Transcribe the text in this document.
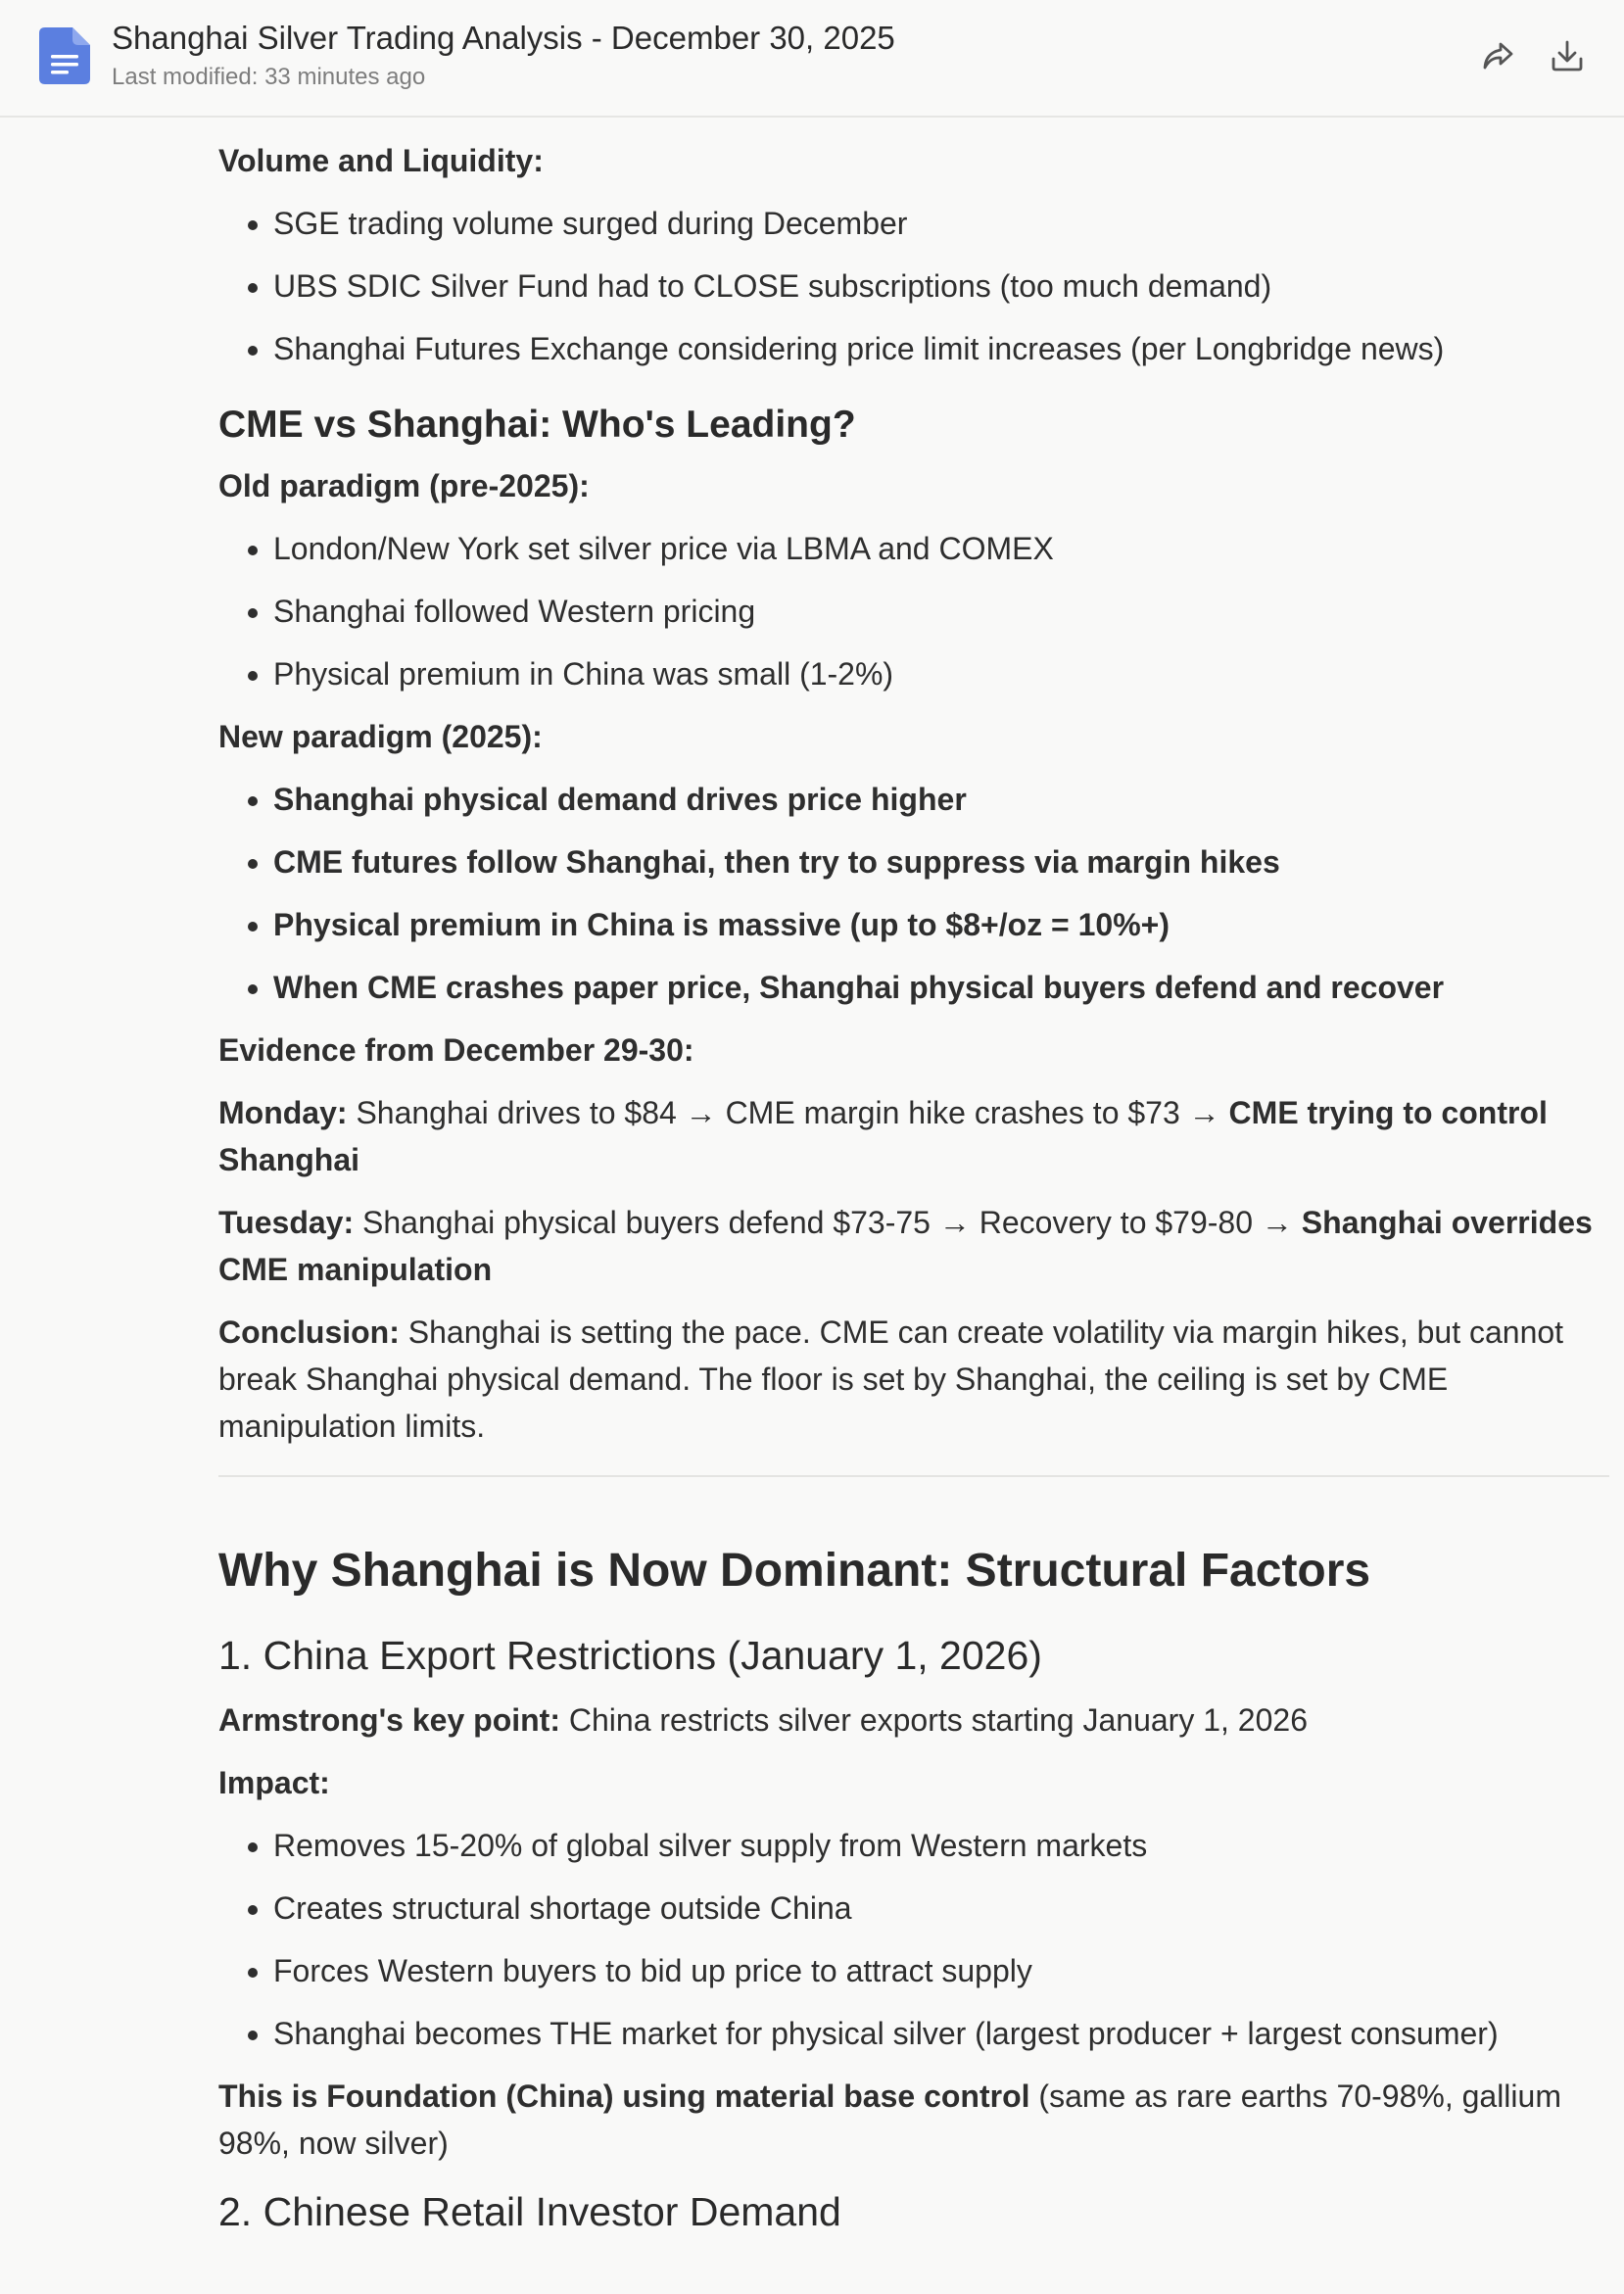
Shanghai Silver Trading Analysis - December 30, 2025
Last modified: 33 minutes ago

Volume and Liquidity:

• SGE trading volume surged during December
• UBS SDIC Silver Fund had to CLOSE subscriptions (too much demand)
• Shanghai Futures Exchange considering price limit increases (per Longbridge news)
CME vs Shanghai: Who's Leading?

Old paradigm (pre-2025):

• London/New York set silver price via LBMA and COMEX
• Shanghai followed Western pricing
• Physical premium in China was small (1-2%)

New paradigm (2025):

• Shanghai physical demand drives price higher
• CME futures follow Shanghai, then try to suppress via margin hikes
• Physical premium in China is massive (up to $8+/oz = 10%+)
• When CME crashes paper price, Shanghai physical buyers defend and recover

Evidence from December 29-30:

Monday: Shanghai drives to $84 → CME margin hike crashes to $73 → CME trying to control Shanghai

Tuesday: Shanghai physical buyers defend $73-75 → Recovery to $79-80 → Shanghai overrides CME manipulation

Conclusion: Shanghai is setting the pace. CME can create volatility via margin hikes, but cannot break Shanghai physical demand. The floor is set by Shanghai, the ceiling is set by CME manipulation limits.

Why Shanghai is Now Dominant: Structural Factors
1. China Export Restrictions (January 1, 2026)

Armstrong's key point: China restricts silver exports starting January 1, 2026

Impact:

• Removes 15-20% of global silver supply from Western markets
• Creates structural shortage outside China
• Forces Western buyers to bid up price to attract supply
• Shanghai becomes THE market for physical silver (largest producer + largest consumer)

This is Foundation (China) using material base control (same as rare earths 70-98%, gallium 98%, now silver)

2. Chinese Retail Investor Demand
